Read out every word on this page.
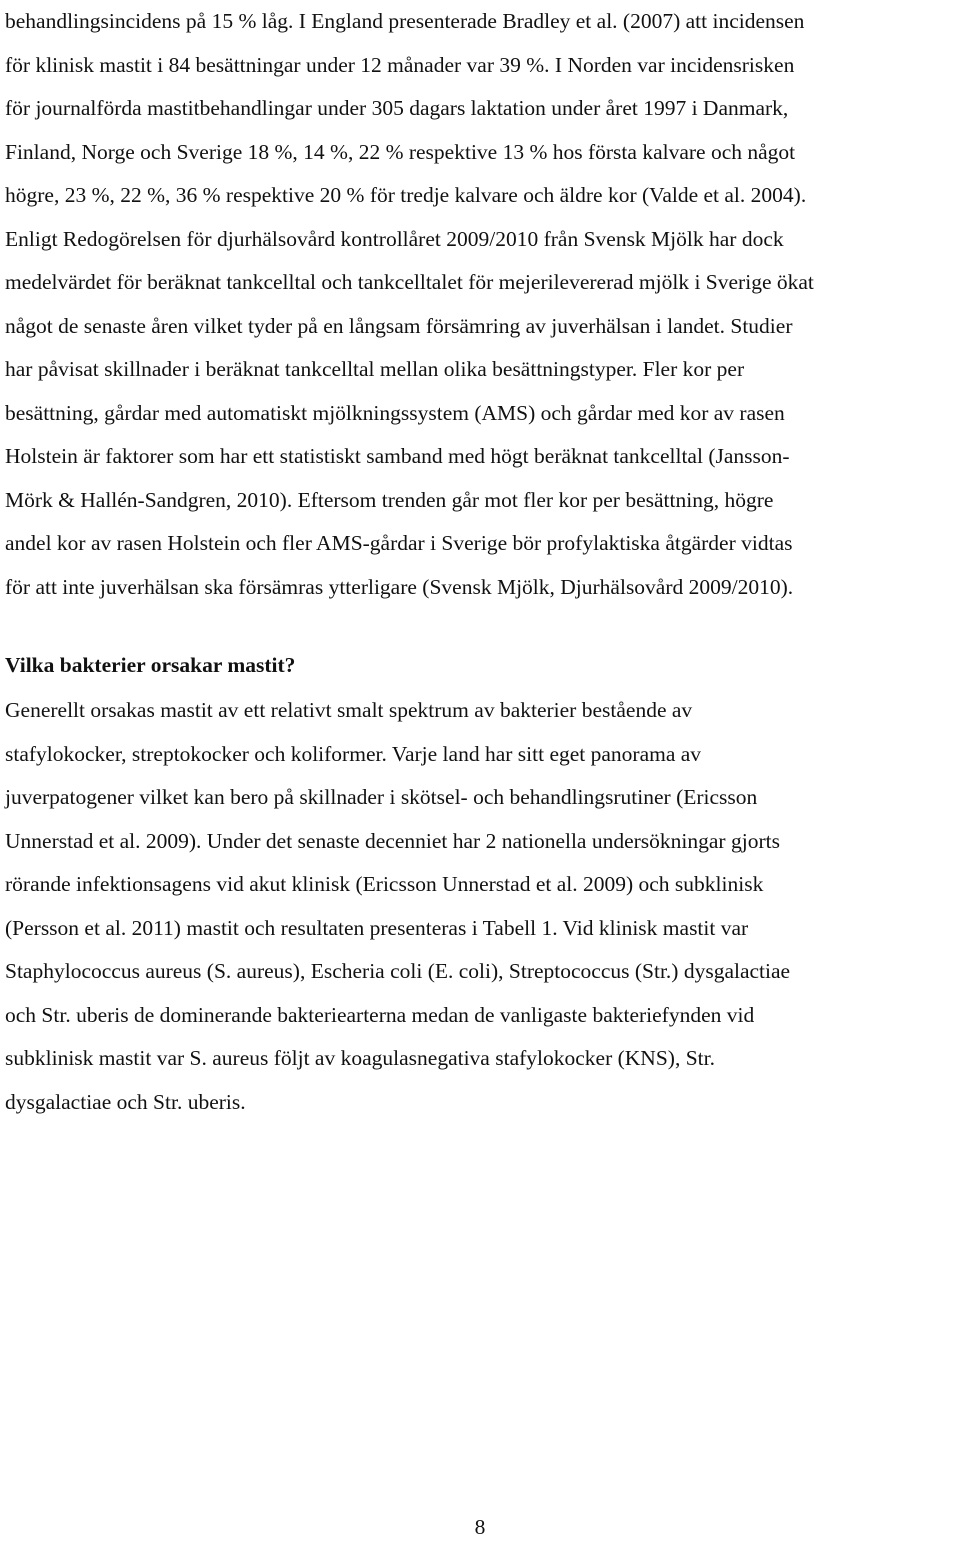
behandlingsincidens på 15 % låg. I England presenterade Bradley et al. (2007) att incidensen
för klinisk mastit i 84 besättningar under 12 månader var 39 %. I Norden var incidensrisken
för journalförda mastitbehandlingar under 305 dagars laktation under året 1997 i Danmark,
Finland, Norge och Sverige 18 %, 14 %, 22 % respektive 13 % hos första kalvare och något
högre, 23 %, 22 %, 36 % respektive 20 % för tredje kalvare och äldre kor (Valde et al. 2004).
Enligt Redogörelsen för djurhälsovård kontrollåret 2009/2010 från Svensk Mjölk har dock
medelvärdet för beräknat tankcelltal och tankcelltalet för mejerilevererad mjölk i Sverige ökat
något de senaste åren vilket tyder på en långsam försämring av juverhälsan i landet. Studier
har påvisat skillnader i beräknat tankcelltal mellan olika besättningstyper. Fler kor per
besättning, gårdar med automatiskt mjölkningssystem (AMS) och gårdar med kor av rasen
Holstein är faktorer som har ett statistiskt samband med högt beräknat tankcelltal (Jansson-
Mörk & Hallén-Sandgren, 2010). Eftersom trenden går mot fler kor per besättning, högre
andel kor av rasen Holstein och fler AMS-gårdar i Sverige bör profylaktiska åtgärder vidtas
för att inte juverhälsan ska försämras ytterligare (Svensk Mjölk, Djurhälsovård 2009/2010).
Vilka bakterier orsakar mastit?
Generellt orsakas mastit av ett relativt smalt spektrum av bakterier bestående av
stafylokocker, streptokocker och koliformer. Varje land har sitt eget panorama av
juverpatogener vilket kan bero på skillnader i skötsel- och behandlingsrutiner (Ericsson
Unnerstad et al. 2009). Under det senaste decenniet har 2 nationella undersökningar gjorts
rörande infektionsagens vid akut klinisk (Ericsson Unnerstad et al. 2009) och subklinisk
(Persson et al. 2011) mastit och resultaten presenteras i Tabell 1. Vid klinisk mastit var
Staphylococcus aureus (S. aureus), Escheria coli (E. coli), Streptococcus (Str.) dysgalactiae
och Str. uberis de dominerande bakteriearterna medan de vanligaste bakteriefynden vid
subklinisk mastit var S. aureus följt av koagulasnegativa stafylokocker (KNS), Str.
dysgalactiae och Str. uberis.
8
